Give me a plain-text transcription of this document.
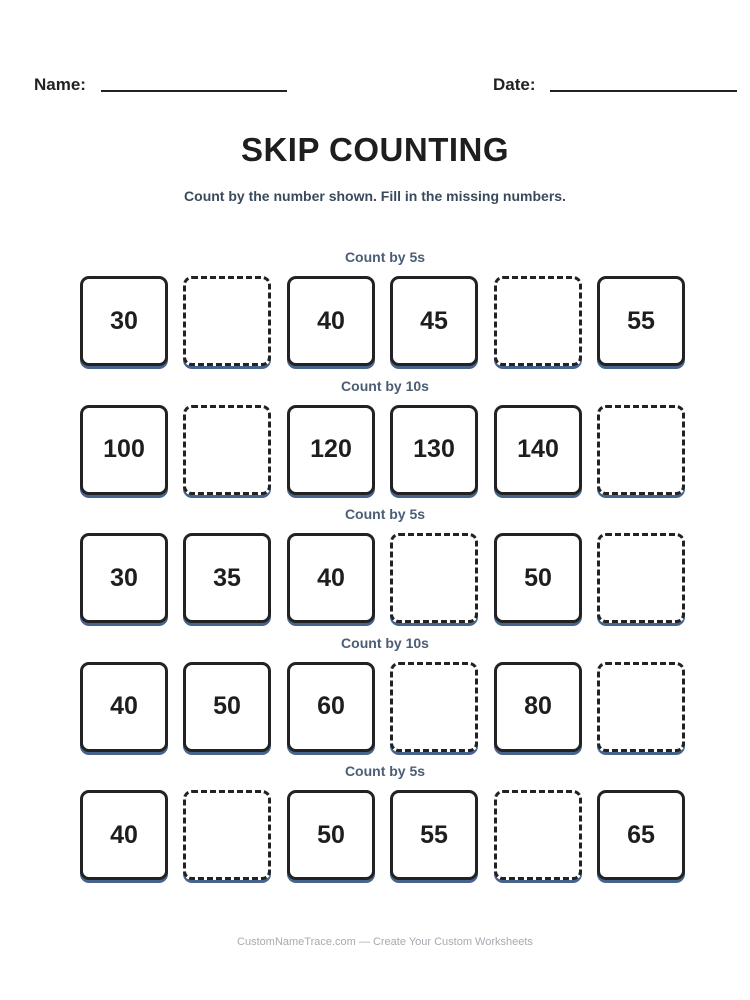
Name:	Date:
SKIP COUNTING
Count by the number shown. Fill in the missing numbers.
Count by 5s
30	40	45	55
Count by 10s
100	120	130	140
Count by 5s
30	35	40	50
Count by 10s
40	50	60	80
Count by 5s
40	50	55	65
CustomNameTrace.com — Create Your Custom Worksheets
